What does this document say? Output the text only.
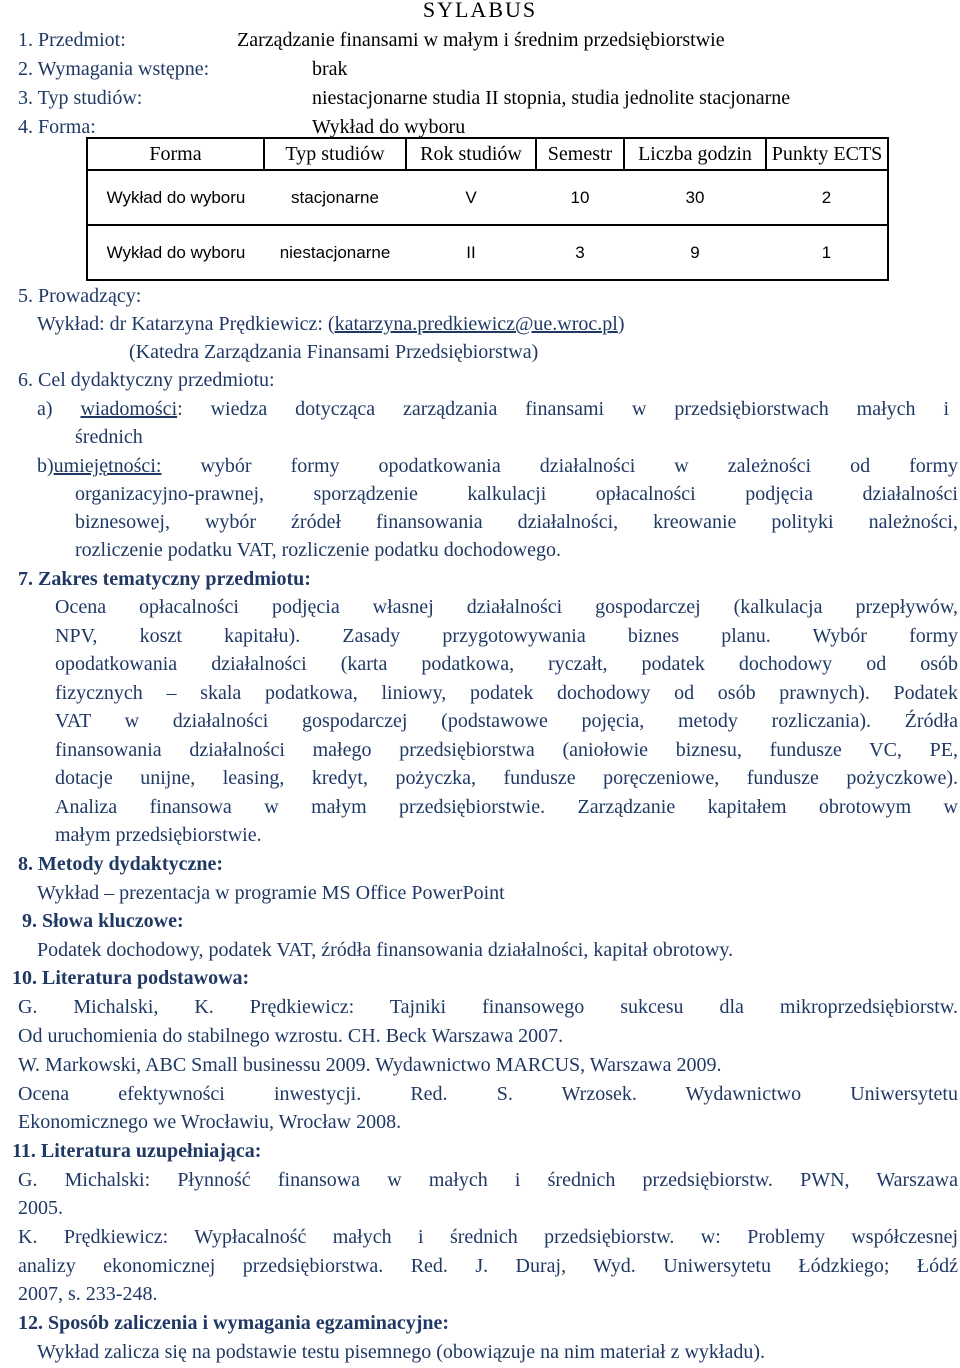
SYLABUS
1. Przedmiot:	Zarządzanie finansami w małym i średnim przedsiębiorstwie
2. Wymagania wstępne:	brak
3. Typ studiów:	niestacjonarne studia II stopnia, studia jednolite stacjonarne
4. Forma:	Wykład do wyboru
Forma	Typ studiów	Rok studiów	Semestr	Liczba godzin	Punkty ECTS
Wykład do wyboru	stacjonarne	V	10	30	2
Wykład do wyboru	niestacjonarne	II	3	9	1
5. Prowadzący:
Wykład: dr Katarzyna Prędkiewicz: (katarzyna.predkiewicz@ue.wroc.pl)
(Katedra Zarządzania Finansami Przedsiębiorstwa)
6. Cel dydaktyczny przedmiotu:
a) wiadomości: wiedza dotycząca zarządzania finansami w przedsiębiorstwach małych i
średnich
b)umiejętności: wybór formy opodatkowania działalności w zależności od formy
organizacyjno-prawnej, sporządzenie kalkulacji opłacalności podjęcia działalności
biznesowej, wybór źródeł finansowania działalności, kreowanie polityki należności,
rozliczenie podatku VAT, rozliczenie podatku dochodowego.
7. Zakres tematyczny przedmiotu:
Ocena opłacalności podjęcia własnej działalności gospodarczej (kalkulacja przepływów,
NPV, koszt kapitału). Zasady przygotowywania biznes planu. Wybór formy
opodatkowania działalności (karta podatkowa, ryczałt, podatek dochodowy od osób
fizycznych – skala podatkowa, liniowy, podatek dochodowy od osób prawnych). Podatek
VAT w działalności gospodarczej (podstawowe pojęcia, metody rozliczania). Źródła
finansowania działalności małego przedsiębiorstwa (aniołowie biznesu, fundusze VC, PE,
dotacje unijne, leasing, kredyt, pożyczka, fundusze poręczeniowe, fundusze pożyczkowe).
Analiza finansowa w małym przedsiębiorstwie. Zarządzanie kapitałem obrotowym w
małym przedsiębiorstwie.
8. Metody dydaktyczne:
Wykład – prezentacja w programie MS Office PowerPoint
9. Słowa kluczowe:
Podatek dochodowy, podatek VAT, źródła finansowania działalności, kapitał obrotowy.
10. Literatura podstawowa:
G. Michalski, K. Prędkiewicz: Tajniki finansowego sukcesu dla mikroprzedsiębiorstw.
Od uruchomienia do stabilnego wzrostu. CH. Beck Warszawa 2007.
W. Markowski, ABC Small businessu 2009. Wydawnictwo MARCUS, Warszawa 2009.
Ocena efektywności inwestycji. Red. S. Wrzosek. Wydawnictwo Uniwersytetu
Ekonomicznego we Wrocławiu, Wrocław 2008.
11. Literatura uzupełniająca:
G. Michalski: Płynność finansowa w małych i średnich przedsiębiorstw. PWN, Warszawa
2005.
K. Prędkiewicz: Wypłacalność małych i średnich przedsiębiorstw. w: Problemy współczesnej
analizy ekonomicznej przedsiębiorstwa. Red. J. Duraj, Wyd. Uniwersytetu Łódzkiego; Łódź
2007, s. 233-248.
12. Sposób zaliczenia i wymagania egzaminacyjne:
Wykład zalicza się na podstawie testu pisemnego (obowiązuje na nim materiał z wykładu).
